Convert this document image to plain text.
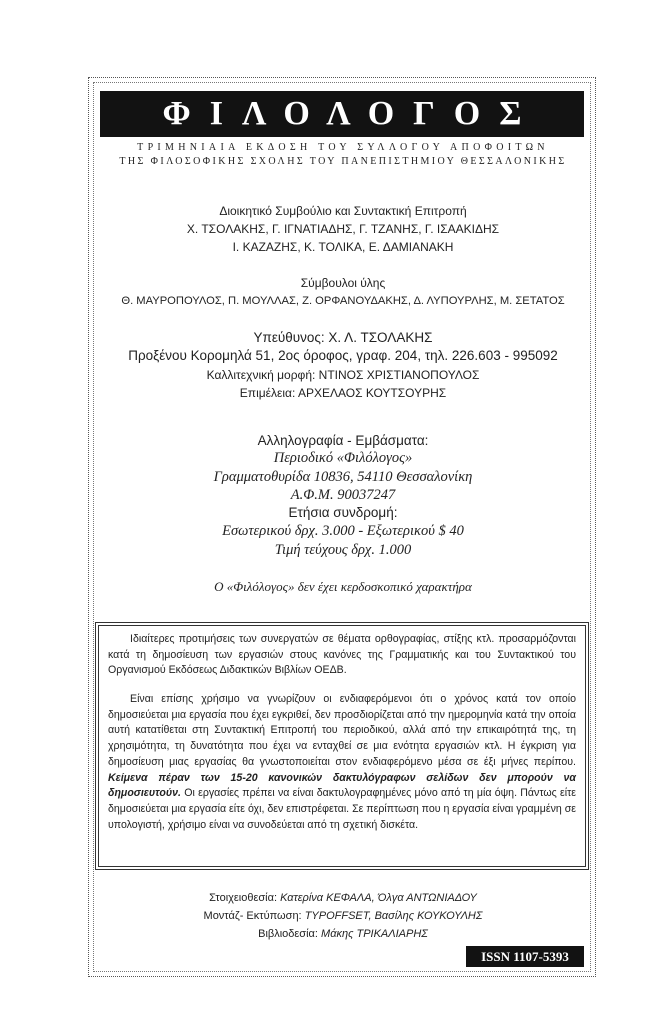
ΦΙΛΟΛΟΓΟΣ
ΤΡΙΜΗΝΙΑΙΑ ΕΚΔΟΣΗ ΤΟΥ ΣΥΛΛΟΓΟΥ ΑΠΟΦΟΙΤΩΝ
ΤΗΣ ΦΙΛΟΣΟΦΙΚΗΣ ΣΧΟΛΗΣ ΤΟΥ ΠΑΝΕΠΙΣΤΗΜΙΟΥ ΘΕΣΣΑΛΟΝΙΚΗΣ
Διοικητικό Συμβούλιο και Συντακτική Επιτροπή
Χ. ΤΣΟΛΑΚΗΣ, Γ. ΙΓΝΑΤΙΑΔΗΣ, Γ. ΤΖΑΝΗΣ, Γ. ΙΣΑΑΚΙΔΗΣ
Ι. ΚΑΖΑΖΗΣ, Κ. ΤΟΛΙΚΑ, Ε. ΔΑΜΙΑΝΑΚΗ
Σύμβουλοι ύλης
Θ. ΜΑΥΡΟΠΟΥΛΟΣ, Π. ΜΟΥΛΛΑΣ, Ζ. ΟΡΦΑΝΟΥΔΑΚΗΣ, Δ. ΛΥΠΟΥΡΛΗΣ, Μ. ΣΕΤΑΤΟΣ
Υπεύθυνος: Χ. Λ. ΤΣΟΛΑΚΗΣ
Προξένου Κορομηλά 51, 2ος όροφος, γραφ. 204, τηλ. 226.603 - 995092
Καλλιτεχνική μορφή: ΝΤΙΝΟΣ ΧΡΙΣΤΙΑΝΟΠΟΥΛΟΣ
Επιμέλεια: ΑΡΧΕΛΑΟΣ ΚΟΥΤΣΟΥΡΗΣ
Αλληλογραφία - Εμβάσματα:
Περιοδικό «Φιλόλογος»
Γραμματοθυρίδα 10836, 54110 Θεσσαλονίκη
Α.Φ.Μ. 90037247
Ετήσια συνδρομή:
Εσωτερικού δρχ. 3.000 - Εξωτερικού $ 40
Τιμή τεύχους δρχ. 1.000
Ο «Φιλόλογος» δεν έχει κερδοσκοπικό χαρακτήρα

Ιδιαίτερες προτιμήσεις των συνεργατών σε θέματα ορθογραφίας, στίξης κτλ. προσαρμόζονται κατά τη δημοσίευση των εργασιών στους κανόνες της Γραμματικής και του Συντακτικού του Οργανισμού Εκδόσεως Διδακτικών Βιβλίων ΟΕΔΒ.

Είναι επίσης χρήσιμο να γνωρίζουν οι ενδιαφερόμενοι ότι ο χρόνος κατά τον οποίο δημοσιεύεται μια εργασία που έχει εγκριθεί, δεν προσδιορίζεται από την ημερομηνία κατά την οποία αυτή κατατίθεται στη Συντακτική Επιτροπή του περιοδικού, αλλά από την επικαιρότητά της, τη χρησιμότητα, τη δυνατότητα που έχει να ενταχθεί σε μια ενότητα εργασιών κτλ. Η έγκριση για δημοσίευση μιας εργασίας θα γνωστοποιείται στον ενδιαφερόμενο μέσα σε έξι μήνες περίπου. Κείμενα πέραν των 15-20 κανονικών δακτυλόγραφων σελίδων δεν μπορούν να δημοσιευτούν. Οι εργασίες πρέπει να είναι δακτυλογραφημένες μόνο από τη μία όψη. Πάντως είτε δημοσιεύεται μια εργασία είτε όχι, δεν επιστρέφεται. Σε περίπτωση που η εργασία είναι γραμμένη σε υπολογιστή, χρήσιμο είναι να συνοδεύεται από τη σχετική δισκέτα.

Στοιχειοθεσία: Κατερίνα ΚΕΦΑΛΑ, Όλγα ΑΝΤΩΝΙΑΔΟΥ
Μοντάζ- Εκτύπωση: TYPOFFSET, Βασίλης ΚΟΥΚΟΥΛΗΣ
Βιβλιοδεσία: Μάκης ΤΡΙΚΑΛΙΑΡΗΣ
ISSN 1107-5393
